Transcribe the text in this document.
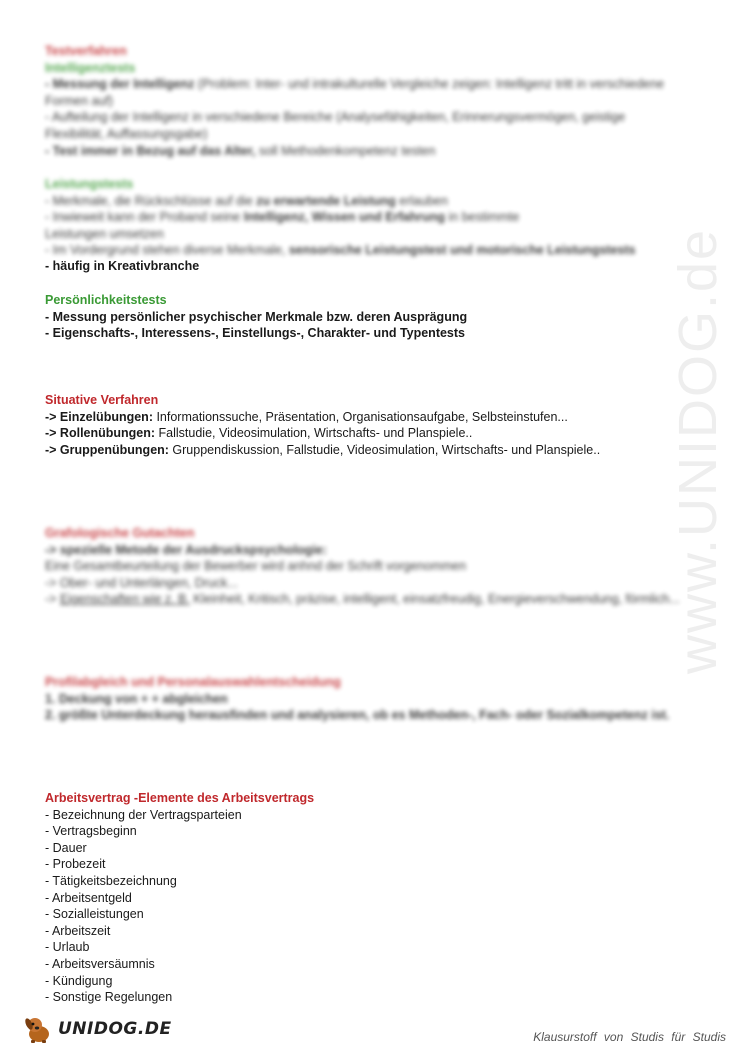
www.UNIDOG.de
Testverfahren
Intelligenztests
- Messung der Intelligenz (Problem: Inter- und intrakulturelle Vergleiche zeigen: Intelligenz tritt in verschiedene
Formen auf)
- Aufteilung der Intelligenz in verschiedene Bereiche (Analysefähigkeiten, Erinnerungsvermögen, geistige
Flexibilität, Auffassungsgabe)
- Test immer in Bezug auf das Alter, soll Methodenkompetenz testen
Leistungstests
- Merkmale, die Rückschlüsse auf die zu erwartende Leistung erlauben
- Inwieweit kann der Proband seine Intelligenz, Wissen und Erfahrung in bestimmte
Leistungen umsetzen
- Im Vordergrund stehen diverse Merkmale, sensorische Leistungstest und motorische Leistungstests
- häufig in Kreativbranche
Persönlichkeitstests
- Messung persönlicher psychischer Merkmale bzw. deren Ausprägung
- Eigenschafts-, Interessens-, Einstellungs-, Charakter- und Typentests
Situative Verfahren
-> Einzelübungen: Informationssuche, Präsentation, Organisationsaufgabe, Selbsteinstufen...
-> Rollenübungen: Fallstudie, Videosimulation, Wirtschafts- und Planspiele..
-> Gruppenübungen: Gruppendiskussion, Fallstudie, Videosimulation, Wirtschafts- und Planspiele..
Grafologische Gutachten
-> spezielle Metode der Ausdruckspsychologie:
Eine Gesamtbeurteilung der Bewerber wird anhnd der Schrift vorgenommen
-> Ober- und Unterlängen, Druck...
-> Eigenschaften wie z. B. Kleinheit, Kritisch, präzise, intelligent, einsatzfreudig, Energieverschwendung, förmlich...
Profilabgleich und Personalauswahlentscheidung
1. Deckung von + + abgleichen
2. größte Unterdeckung herausfinden und analysieren, ob es Methoden-, Fach- oder Sozialkompetenz ist.
Arbeitsvertrag -Elemente des Arbeitsvertrags
- Bezeichnung der Vertragsparteien
- Vertragsbeginn
- Dauer
- Probezeit
- Tätigkeitsbezeichnung
- Arbeitsentgeld
- Sozialleistungen
- Arbeitszeit
- Urlaub
- Arbeitsversäumnis
- Kündigung
- Sonstige Regelungen
UNIDOG.DE	Klausurstoff von Studis für Studis
